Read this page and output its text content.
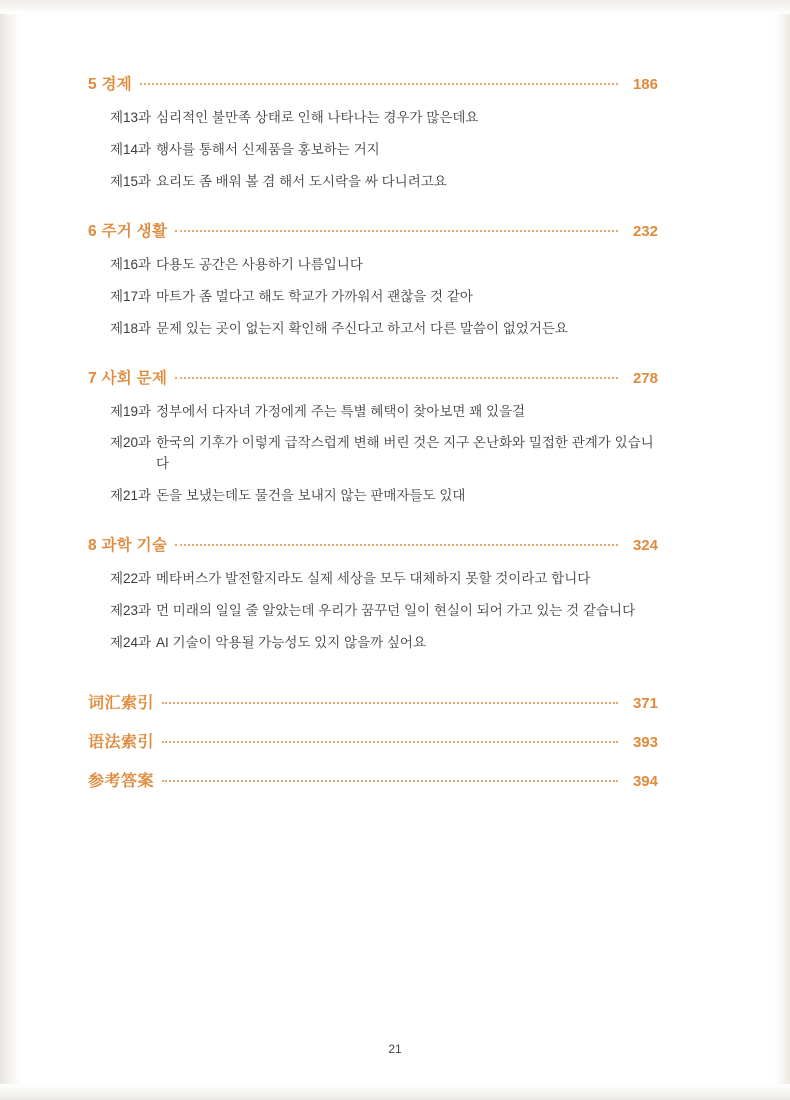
5 경제	186
제13과 심리적인 불만족 상태로 인해 나타나는 경우가 많은데요
제14과 행사를 통해서 신제품을 홍보하는 거지
제15과 요리도 좀 배워 볼 겸 해서 도시락을 싸 다니려고요
6 주거 생활	232
제16과 다용도 공간은 사용하기 나름입니다
제17과 마트가 좀 멀다고 해도 학교가 가까워서 괜찮을 것 같아
제18과 문제 있는 곳이 없는지 확인해 주신다고 하고서 다른 말씀이 없었거든요
7 사회 문제	278
제19과 정부에서 다자녀 가정에게 주는 특별 혜택이 찾아보면 꽤 있을걸
제20과 한국의 기후가 이렇게 급작스럽게 변해 버린 것은 지구 온난화와 밀접한 관계가 있습니다
제21과 돈을 보냈는데도 물건을 보내지 않는 판매자들도 있대
8 과학 기술	324
제22과 메타버스가 발전할지라도 실제 세상을 모두 대체하지 못할 것이라고 합니다
제23과 먼 미래의 일일 줄 알았는데 우리가 꿈꾸던 일이 현실이 되어 가고 있는 것 같습니다
제24과 AI 기술이 악용될 가능성도 있지 않을까 싶어요
词汇索引	371
语法索引	393
参考答案	394
21
